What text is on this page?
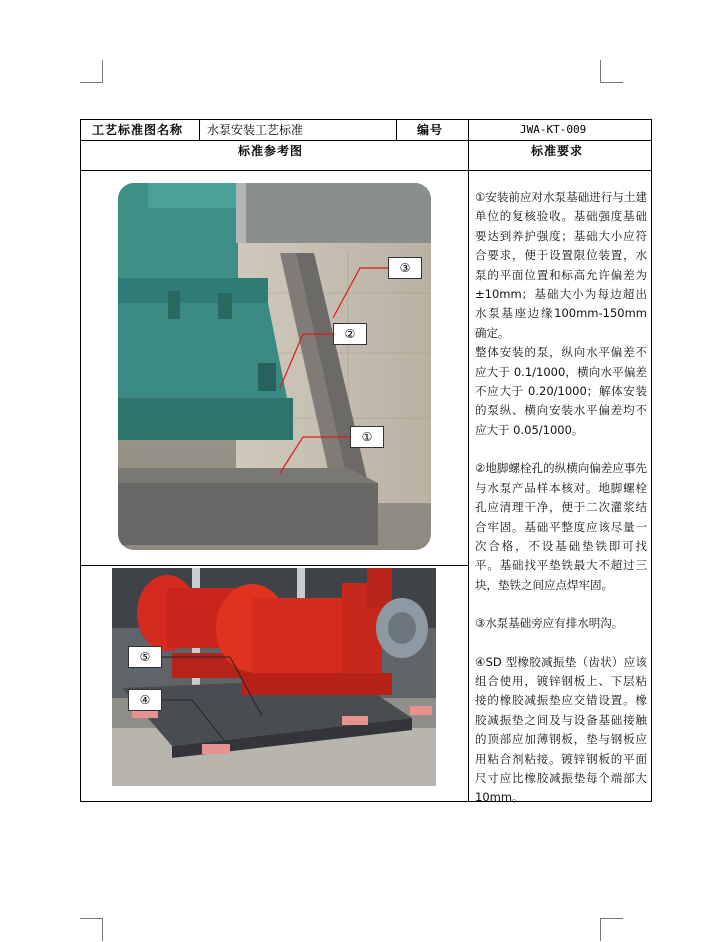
工艺标准图名称 水泵安装工艺标准	编号	JWA-KT-009
标准参考图	标准要求
③
②
①
⑤
④

①安装前应对水泵基础进行与土建单位的复核验收。基础强度基础要达到养护强度；基础大小应符合要求，便于设置限位装置，水泵的平面位置和标高允许偏差为±10mm；基础大小为每边超出水泵基座边缘100mm-150mm确定。

整体安装的泵，纵向水平偏差不应大于 0.1/1000，横向水平偏差不应大于 0.20/1000；解体安装的泵纵、横向安装水平偏差均不应大于 0.05/1000。

②地脚螺栓孔的纵横向偏差应事先与水泵产品样本核对。地脚螺栓孔应清理干净，便于二次灌浆结合牢固。基础平整度应该尽量一次合格，不设基础垫铁即可找平。基础找平垫铁最大不超过三块，垫铁之间应点焊牢固。

③水泵基础旁应有排水明沟。

④SD 型橡胶减振垫（齿状）应该组合使用，镀锌钢板上、下层粘接的橡胶减振垫应交错设置。橡胶减振垫之间及与设备基础接触的顶部应加薄钢板，垫与钢板应用粘合剂粘接。镀锌钢板的平面尺寸应比橡胶减振垫每个端部大 10mm。
